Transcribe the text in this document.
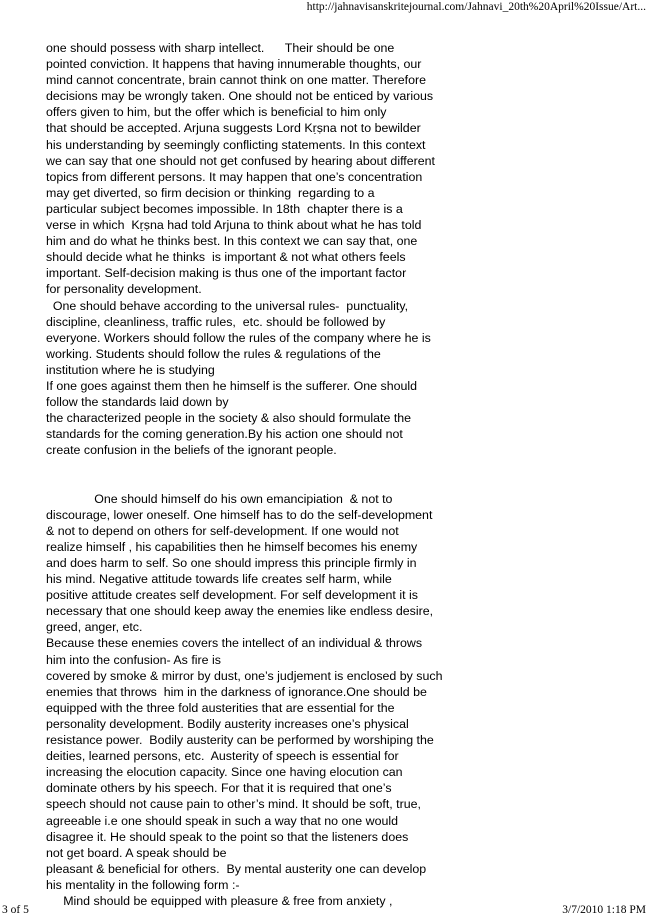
http://jahnavisanskritejournal.com/Jahnavi_20th%20April%20Issue/Art...
one should possess with sharp intellect.      Their should be one
pointed conviction. It happens that having innumerable thoughts, our
mind cannot concentrate, brain cannot think on one matter. Therefore
decisions may be wrongly taken. One should not be enticed by various
offers given to him, but the offer which is beneficial to him only
that should be accepted. Arjuna suggests Lord Kṛṣna not to bewilder
his understanding by seemingly conflicting statements. In this context
we can say that one should not get confused by hearing about different
topics from different persons. It may happen that one’s concentration
may get diverted, so firm decision or thinking  regarding to a
particular subject becomes impossible. In 18th  chapter there is a
verse in which  Kṛṣna had told Arjuna to think about what he has told
him and do what he thinks best. In this context we can say that, one
should decide what he thinks  is important & not what others feels
important. Self-decision making is thus one of the important factor
for personality development.
One should behave according to the universal rules-  punctuality,
discipline, cleanliness, traffic rules,  etc. should be followed by
everyone. Workers should follow the rules of the company where he is
working. Students should follow the rules & regulations of the
institution where he is studying
If one goes against them then he himself is the sufferer. One should
follow the standards laid down by
the characterized people in the society & also should formulate the
standards for the coming generation.By his action one should not
create confusion in the beliefs of the ignorant people.
One should himself do his own emancipiation  & not to
discourage, lower oneself. One himself has to do the self-development
& not to depend on others for self-development. If one would not
realize himself , his capabilities then he himself becomes his enemy
and does harm to self. So one should impress this principle firmly in
his mind. Negative attitude towards life creates self harm, while
positive attitude creates self development. For self development it is
necessary that one should keep away the enemies like endless desire,
greed, anger, etc.
Because these enemies covers the intellect of an individual & throws
him into the confusion- As fire is
covered by smoke & mirror by dust, one’s judjement is enclosed by such
enemies that throws  him in the darkness of ignorance.One should be
equipped with the three fold austerities that are essential for the
personality development. Bodily austerity increases one’s physical
resistance power.  Bodily austerity can be performed by worshiping the
deities, learned persons, etc.  Austerity of speech is essential for
increasing the elocution capacity. Since one having elocution can
dominate others by his speech. For that it is required that one’s
speech should not cause pain to other’s mind. It should be soft, true,
agreeable i.e one should speak in such a way that no one would
disagree it. He should speak to the point so that the listeners does
not get board. A speak should be
pleasant & beneficial for others.  By mental austerity one can develop
his mentality in the following form :-
Mind should be equipped with pleasure & free from anxiety ,
3 of 5	3/7/2010 1:18 PM
